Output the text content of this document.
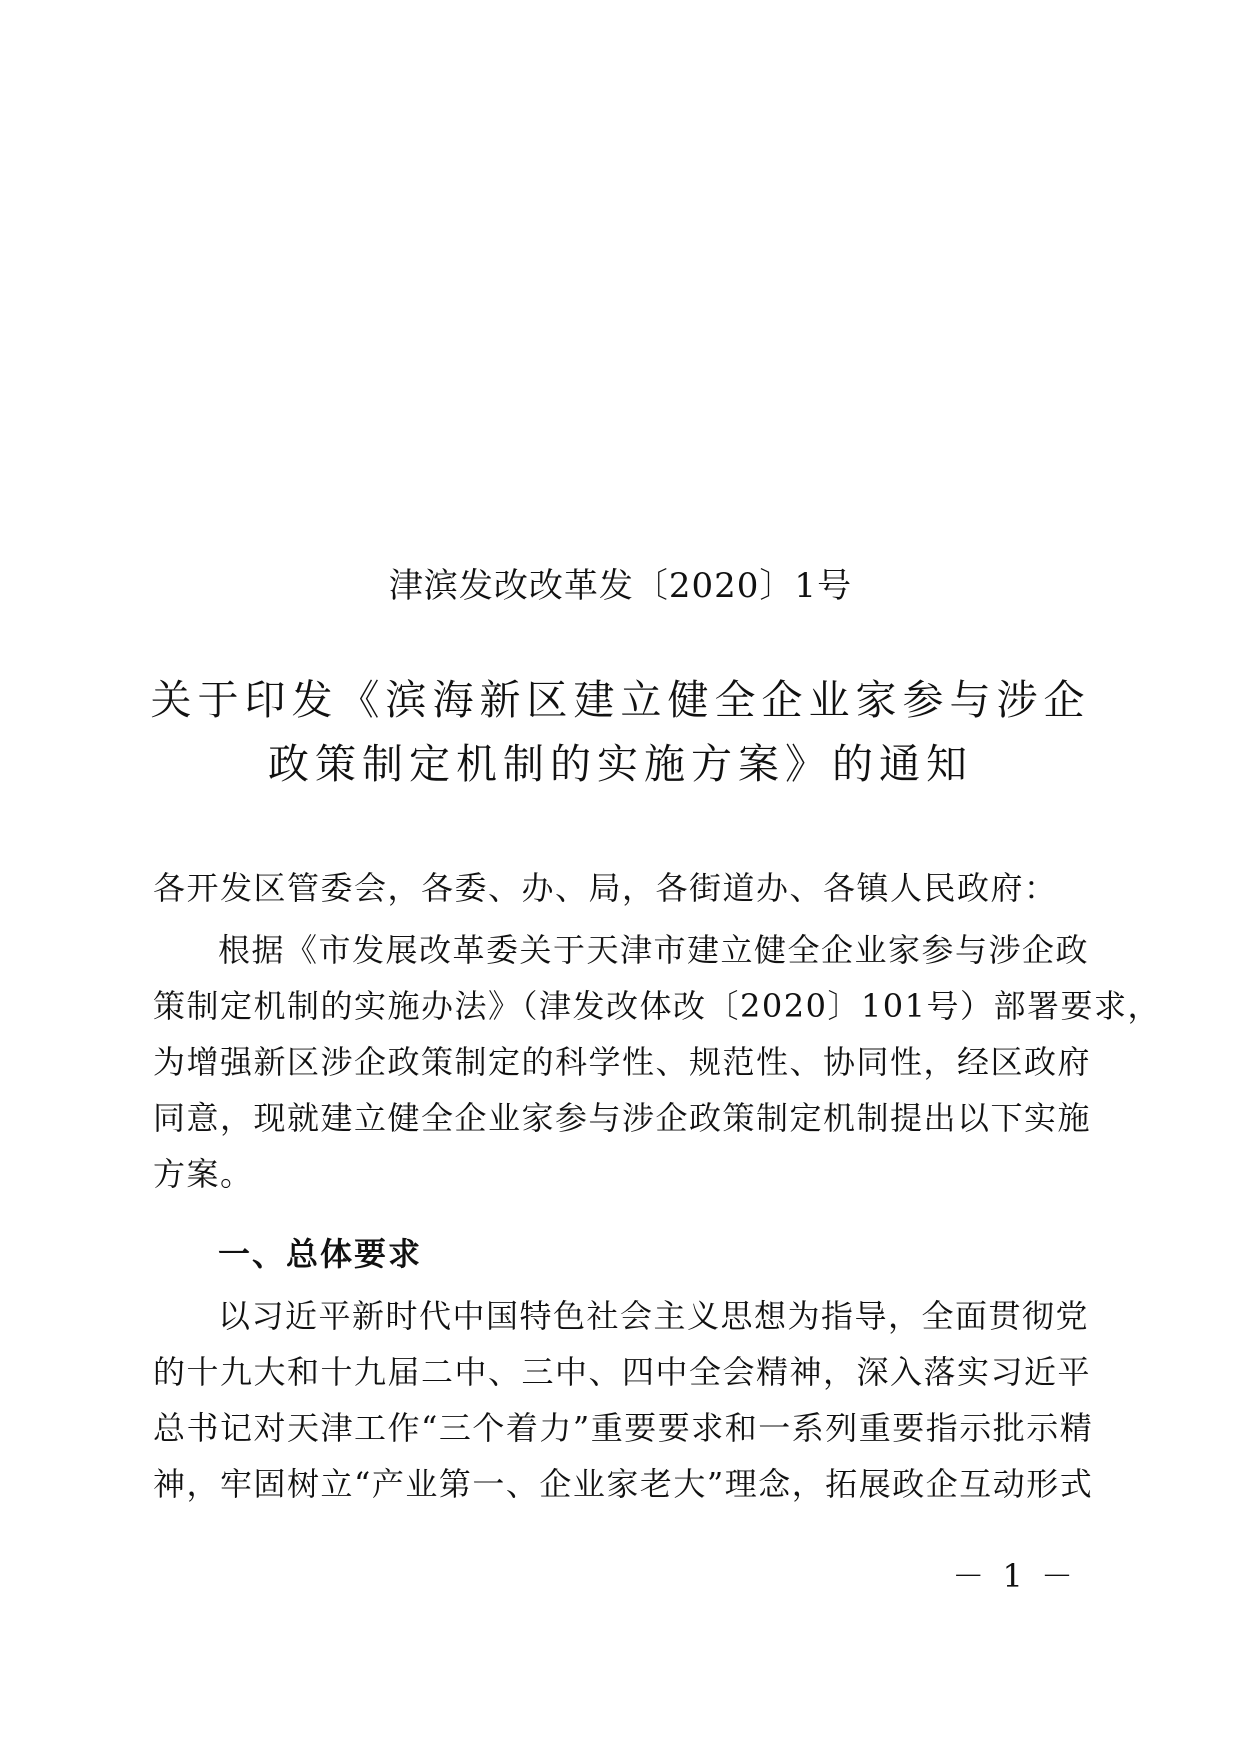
津滨发改改革发〔2020〕1号
关于印发《滨海新区建立健全企业家参与涉企
政策制定机制的实施方案》的通知
各开发区管委会，各委、办、局，各街道办、各镇人民政府：
根据《市发展改革委关于天津市建立健全企业家参与涉企政
策制定机制的实施办法》（津发改体改〔2020〕101号）部署要求，
为增强新区涉企政策制定的科学性、规范性、协同性，经区政府
同意，现就建立健全企业家参与涉企政策制定机制提出以下实施
方案。
一、总体要求
以习近平新时代中国特色社会主义思想为指导，全面贯彻党
的十九大和十九届二中、三中、四中全会精神，深入落实习近平
总书记对天津工作“三个着力”重要要求和一系列重要指示批示精
神，牢固树立“产业第一、企业家老大”理念，拓展政企互动形式
－ 1 －
